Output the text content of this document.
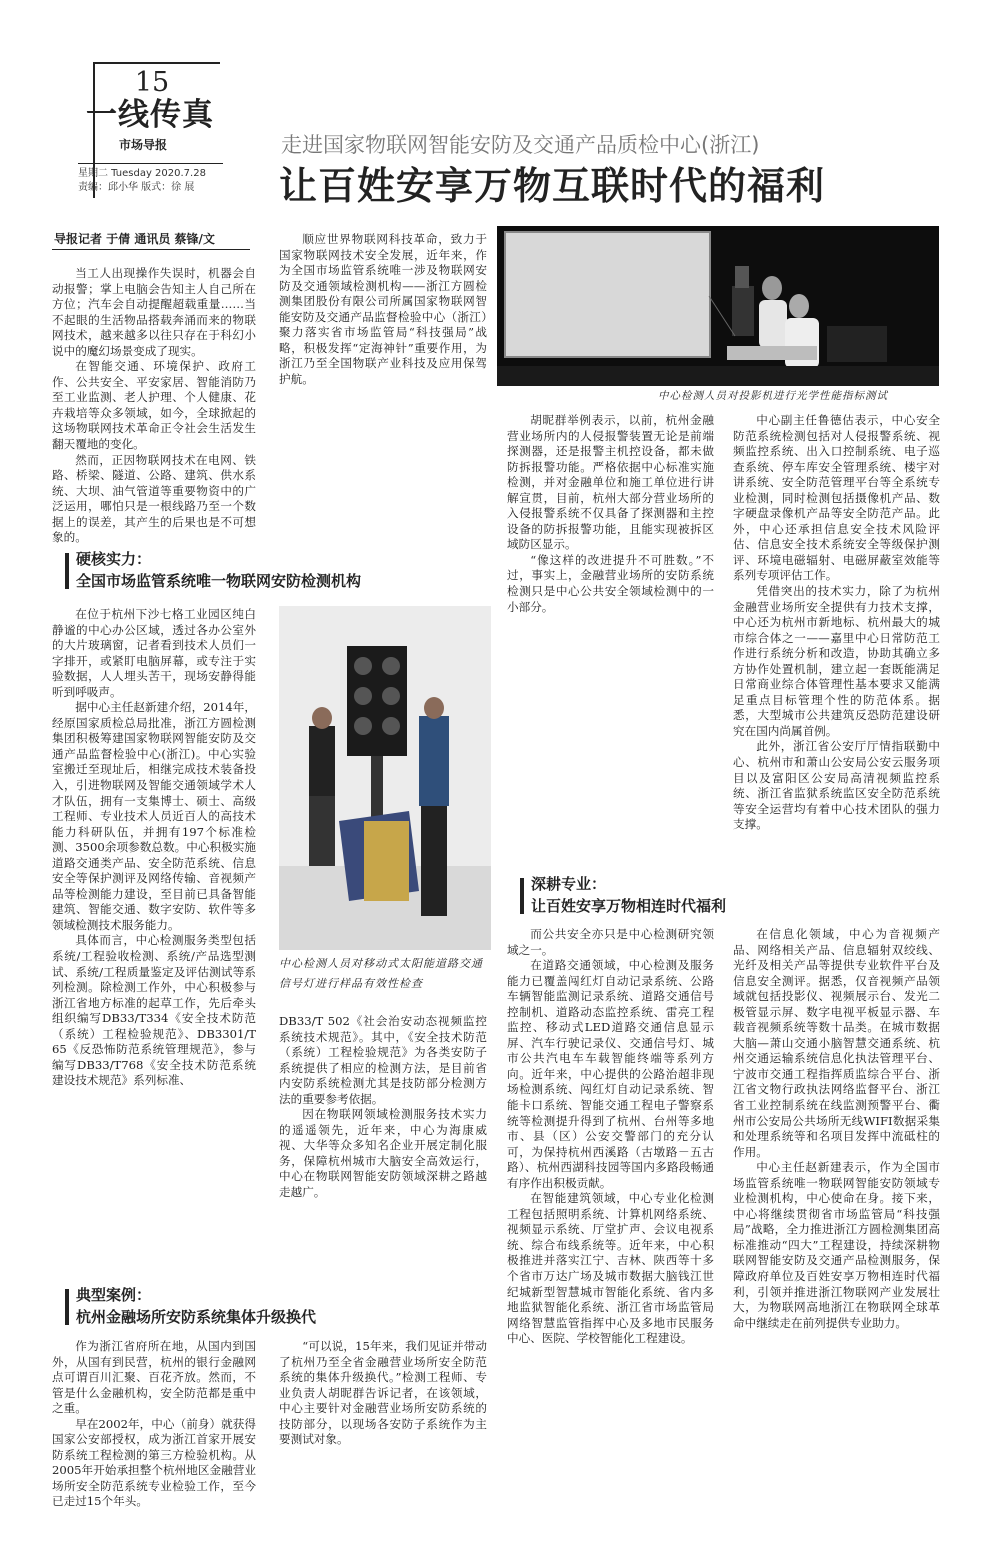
15
一线传真
市场导报
星期二 Tuesday 2020.7.28
责编：邱小华 版式：徐 展
走进国家物联网智能安防及交通产品质检中心(浙江)
让百姓安享万物互联时代的福利
导报记者 于倩 通讯员 蔡锋/文

当工人出现操作失误时，机器会自动报警；掌上电脑会告知主人自己所在方位；汽车会自动提醒超载重量……当不起眼的生活物品搭载奔涌而来的物联网技术，越来越多以往只存在于科幻小说中的魔幻场景变成了现实。

在智能交通、环境保护、政府工作、公共安全、平安家居、智能消防乃至工业监测、老人护理、个人健康、花卉栽培等众多领域，如今，全球掀起的这场物联网技术革命正令社会生活发生翻天覆地的变化。

然而，正因物联网技术在电网、铁路、桥梁、隧道、公路、建筑、供水系统、大坝、油气管道等重要物资中的广泛运用，哪怕只是一根线路乃至一个数据上的误差，其产生的后果也是不可想象的。

顺应世界物联网科技革命，致力于国家物联网技术安全发展，近年来，作为全国市场监管系统唯一涉及物联网安防及交通领域检测机构——浙江方圆检测集团股份有限公司所属国家物联网智能安防及交通产品监督检验中心（浙江）聚力落实省市场监管局“科技强局”战略，积极发挥“定海神针”重要作用，为浙江乃至全国物联产业科技及应用保驾护航。

中心检测人员对投影机进行光学性能指标测试
硬核实力：
全国市场监管系统唯一物联网安防检测机构

在位于杭州下沙七格工业园区纯白静谧的中心办公区域，透过各办公室外的大片玻璃窗，记者看到技术人员们一字排开，或紧盯电脑屏幕，或专注于实验数据，人人埋头苦干，现场安静得能听到呼吸声。

据中心主任赵新建介绍，2014年，经原国家质检总局批准，浙江方圆检测集团积极筹建国家物联网智能安防及交通产品监督检验中心(浙江)。中心实验室搬迁至现址后，相继完成技术装备投入，引进物联网及智能交通领域学术人才队伍，拥有一支集博士、硕士、高级工程师、专业技术人员近百人的高技术能力科研队伍，并拥有197个标准检测、3500余项参数总数。中心积极实施道路交通类产品、安全防范系统、信息安全等保护测评及网络传输、音视频产品等检测能力建设，至目前已具备智能建筑、智能交通、数字安防、软件等多领域检测技术服务能力。

具体而言，中心检测服务类型包括系统/工程验收检测、系统/产品选型测试、系统/工程质量鉴定及评估测试等系列检测。除检测工作外，中心积极参与浙江省地方标准的起草工作，先后牵头组织编写DB33/T334《安全技术防范（系统）工程检验规范》、DB3301/T 65《反恐怖防范系统管理规范》，参与编写DB33/T768《安全技术防范系统建设技术规范》系列标准、

中心检测人员对移动式太阳能道路交通信号灯进行样品有效性检查

DB33/T 502《社会治安动态视频监控系统技术规范》。其中，《安全技术防范（系统）工程检验规范》为各类安防子系统提供了相应的检测方法，是目前省内安防系统检测尤其是技防部分检测方法的重要参考依据。

因在物联网领域检测服务技术实力的遥遥领先，近年来，中心为海康威视、大华等众多知名企业开展定制化服务，保障杭州城市大脑安全高效运行，中心在物联网智能安防领域深耕之路越走越广。

典型案例：
杭州金融场所安防系统集体升级换代

作为浙江省府所在地，从国内到国外，从国有到民营，杭州的银行金融网点可谓百川汇聚、百花齐放。然而，不管是什么金融机构，安全防范都是重中之重。

早在2002年，中心（前身）就获得国家公安部授权，成为浙江首家开展安防系统工程检测的第三方检验机构。从2005年开始承担整个杭州地区金融营业场所安全防范系统专业检验工作，至今已走过15个年头。

“可以说，15年来，我们见证并带动了杭州乃至全省金融营业场所安全防范系统的集体升级换代。”检测工程师、专业负责人胡昵群告诉记者，在该领域，中心主要针对金融营业场所安防系统的技防部分，以现场各安防子系统作为主要测试对象。

胡昵群举例表示，以前，杭州金融营业场所内的人侵报警装置无论是前端探测器，还是报警主机控设备，都未做防拆报警功能。严格依据中心标准实施检测，并对金融单位和施工单位进行讲解宣贯，目前，杭州大部分营业场所的入侵报警系统不仅具备了探测器和主控设备的防拆报警功能，且能实现被拆区域防区显示。

“像这样的改进提升不可胜数。”不过，事实上，金融营业场所的安防系统检测只是中心公共安全领域检测中的一小部分。

中心副主任鲁德估表示，中心安全防范系统检测包括对人侵报警系统、视频监控系统、出入口控制系统、电子巡查系统、停车库安全管理系统、楼宇对讲系统、安全防范管理平台等全系统专业检测，同时检测包括摄像机产品、数字硬盘录像机产品等安全防范产品。此外，中心还承担信息安全技术风险评估、信息安全技术系统安全等级保护测评、环境电磁辐射、电磁屏蔽室效能等系列专项评估工作。

凭借突出的技术实力，除了为杭州金融营业场所安全提供有力技术支撑，中心还为杭州市新地标、杭州最大的城市综合体之一——嘉里中心日常防范工作进行系统分析和改造，协助其确立多方协作处置机制，建立起一套既能满足日常商业综合体管理性基本要求又能满足重点目标管理个性的防范体系。据悉，大型城市公共建筑反恐防范建设研究在国内尚属首例。

此外，浙江省公安厅厅情指联勤中心、杭州市和萧山公安局公安云服务项目以及富阳区公安局高清视频监控系统、浙江省监狱系统监区安全防范系统等安全运营均有着中心技术团队的强力支撑。

深耕专业：
让百姓安享万物相连时代福利

而公共安全亦只是中心检测研究领域之一。

在道路交通领域，中心检测及服务能力已覆盖闯红灯自动记录系统、公路车辆智能监测记录系统、道路交通信号控制机、道路动态监控系统、雷亮工程监控、移动式LED道路交通信息显示屏、汽车行驶记录仪、交通信号灯、城市公共汽电车车载智能终端等系列方向。近年来，中心提供的公路治超非现场检测系统、闯红灯自动记录系统、智能卡口系统、智能交通工程电子警察系统等检测提升得到了杭州、台州等多地市、县（区）公安交警部门的充分认可，为保持杭州西溪路（古墩路－五古路）、杭州西湖科技园等国内多路段畅通有序作出积极贡献。

在智能建筑领域，中心专业化检测工程包括照明系统、计算机网络系统、视频显示系统、厅堂扩声、会议电视系统、综合布线系统等。近年来，中心积极推进并落实江宁、吉林、陕西等十多个省市万达广场及城市数据大脑钱江世纪城新型智慧城市智能化系统、省内多地监狱智能化系统、浙江省市场监管局网络智慧监管指挥中心及多地市民服务中心、医院、学校智能化工程建设。

在信息化领域，中心为音视频产品、网络相关产品、信息辐射双绞线、光纤及相关产品等提供专业软件平台及信息安全测评。据悉，仅音视频产品领域就包括投影仪、视频展示台、发光二极管显示屏、数字电视平板显示器、车载音视频系统等数十品类。在城市数据大脑—萧山交通小脑智慧交通系统、杭州交通运输系统信息化执法管理平台、宁波市交通工程指挥质监综合平台、浙江省文物行政执法网络监督平台、浙江省工业控制系统在线监测预警平台、衢州市公安局公共场所无线WIFI数据采集和处理系统等和名项目发挥中流砥柱的作用。

中心主任赵新建表示，作为全国市场监管系统唯一物联网智能安防领域专业检测机构，中心使命在身。接下来，中心将继续贯彻省市场监管局“科技强局”战略，全力推进浙江方圆检测集团高标准推动“四大”工程建设，持续深耕物联网智能安防及交通产品检测服务，保障政府单位及百姓安享万物相连时代福利，引领并推进浙江物联网产业发展壮大，为物联网高地浙江在物联网全球革命中继续走在前列提供专业助力。
